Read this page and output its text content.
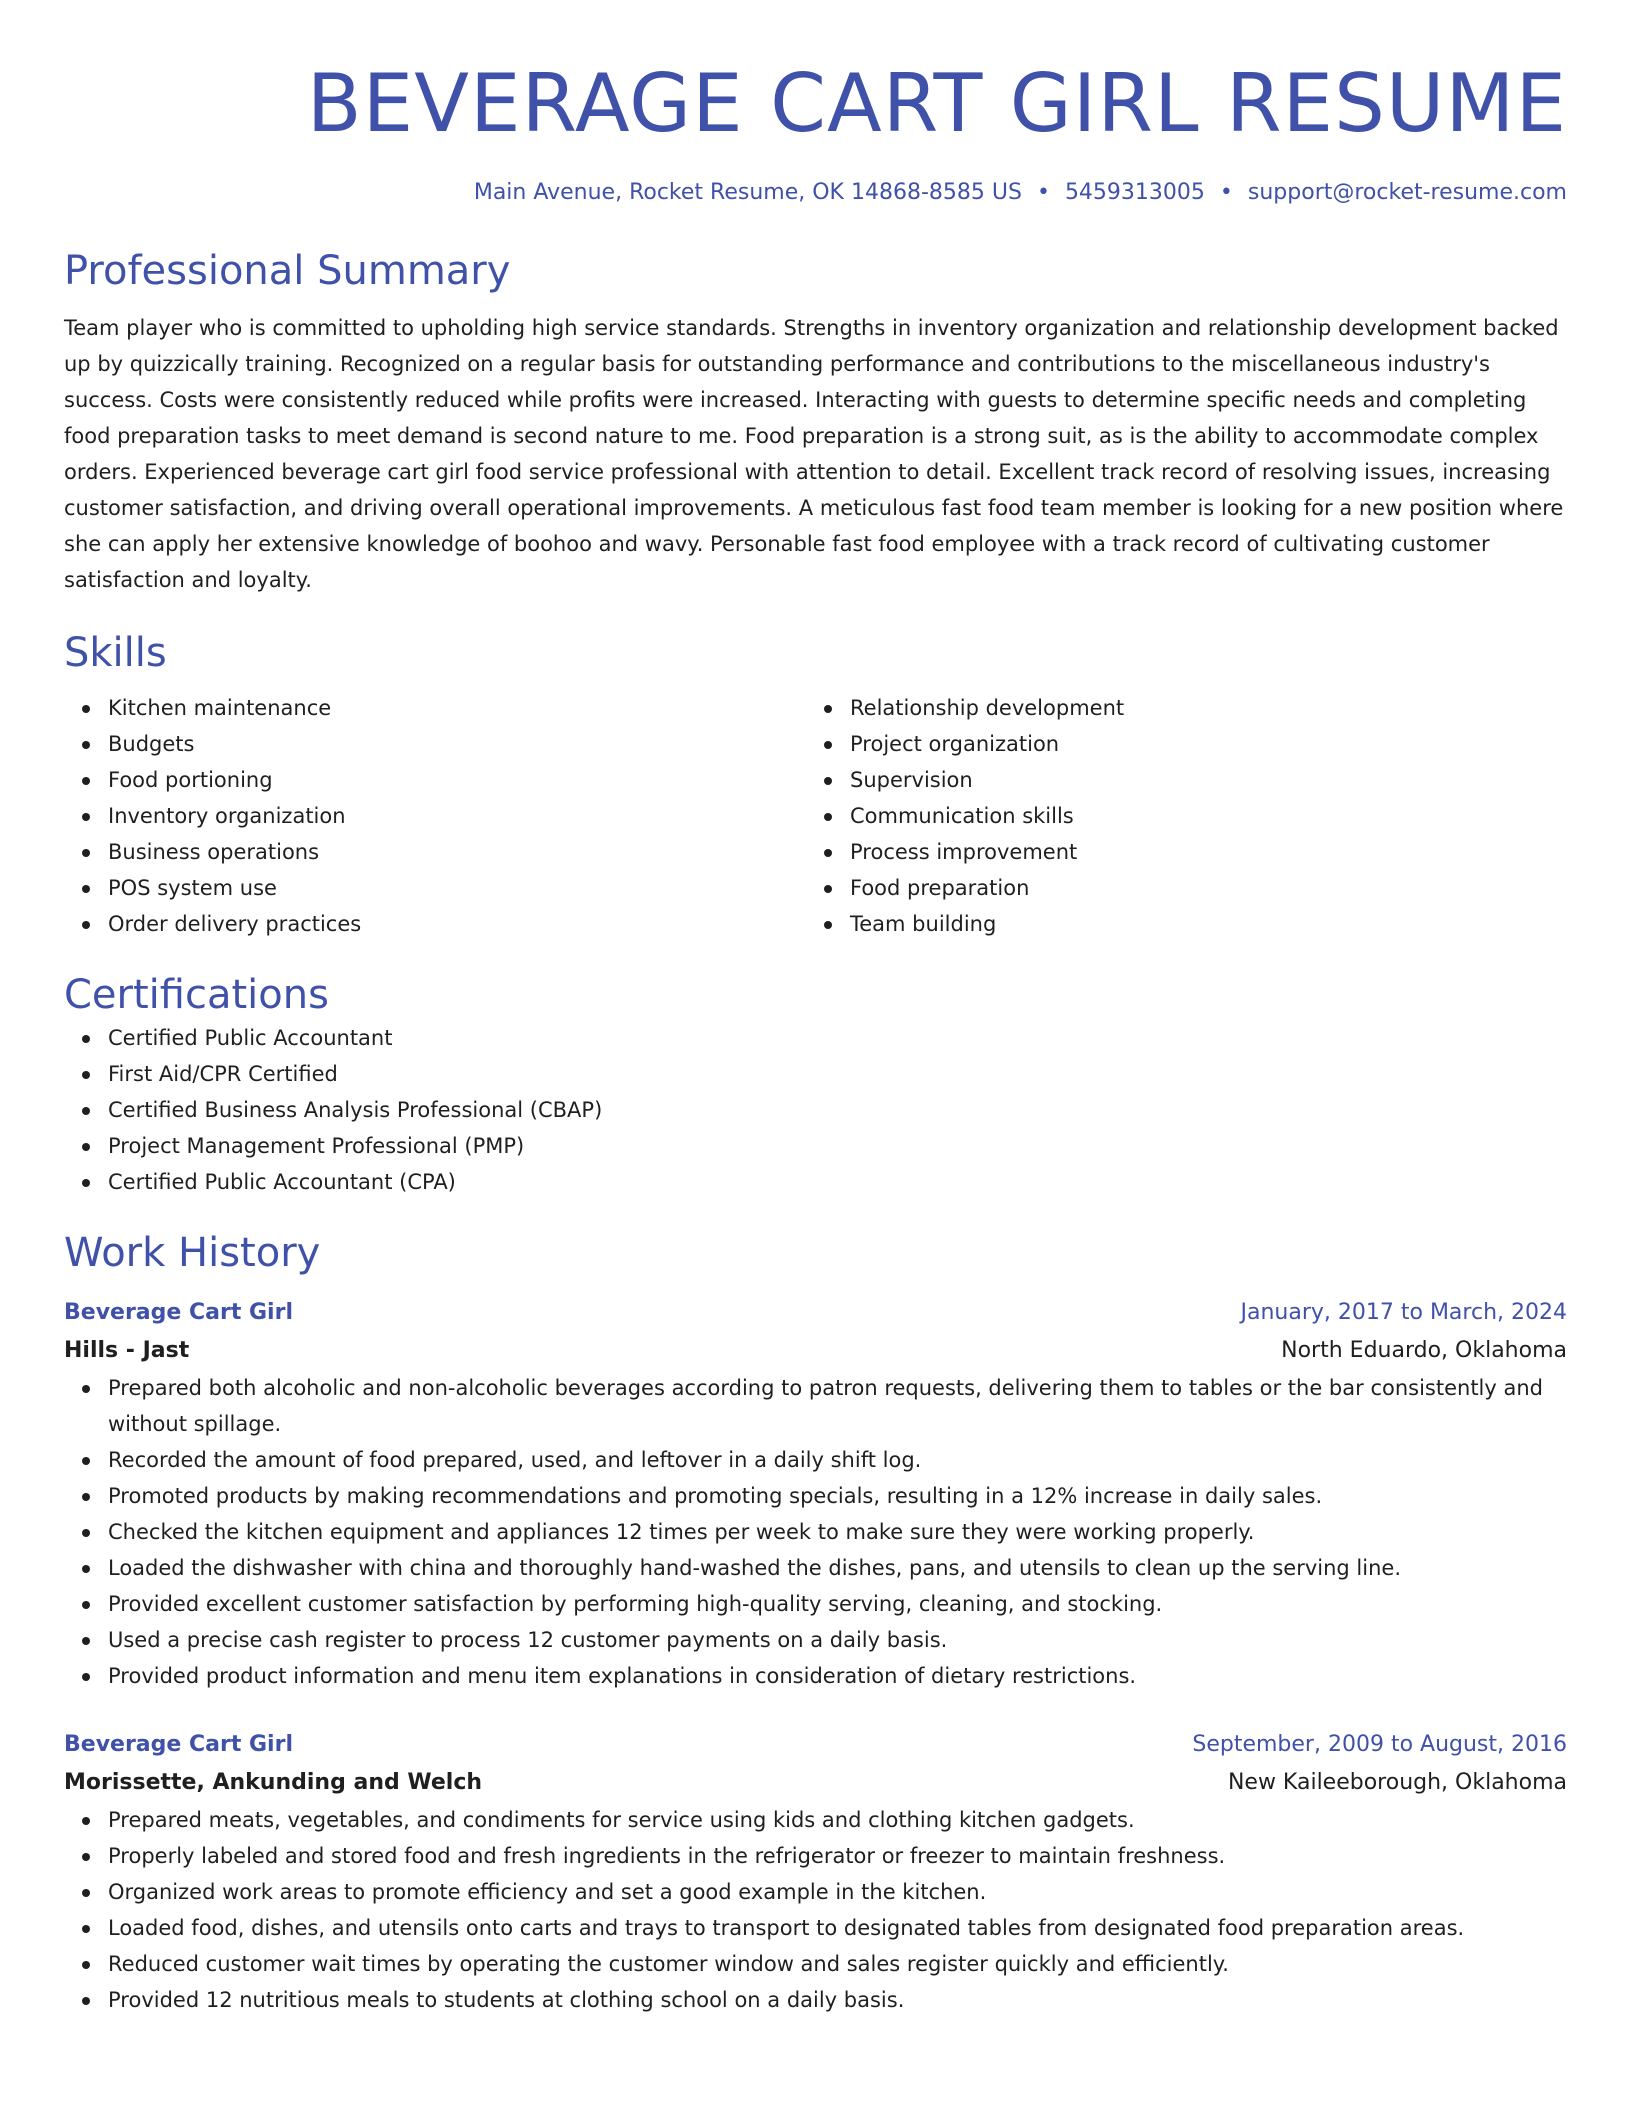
BEVERAGE CART GIRL RESUME
Main Avenue, Rocket Resume, OK 14868-8585 US • 5459313005 • support@rocket-resume.com
Professional Summary

Team player who is committed to upholding high service standards. Strengths in inventory organization and relationship development backed up by quizzically training. Recognized on a regular basis for outstanding performance and contributions to the miscellaneous industry's success. Costs were consistently reduced while profits were increased. Interacting with guests to determine specific needs and completing food preparation tasks to meet demand is second nature to me. Food preparation is a strong suit, as is the ability to accommodate complex orders. Experienced beverage cart girl food service professional with attention to detail. Excellent track record of resolving issues, increasing customer satisfaction, and driving overall operational improvements. A meticulous fast food team member is looking for a new position where she can apply her extensive knowledge of boohoo and wavy. Personable fast food employee with a track record of cultivating customer satisfaction and loyalty.

Skills
Kitchen maintenance
Budgets
Food portioning
Inventory organization
Business operations
POS system use
Order delivery practices
Relationship development
Project organization
Supervision
Communication skills
Process improvement
Food preparation
Team building
Certifications
Certified Public Accountant
First Aid/CPR Certified
Certified Business Analysis Professional (CBAP)
Project Management Professional (PMP)
Certified Public Accountant (CPA)
Work History
Beverage Cart Girl	January, 2017 to March, 2024
Hills - Jast	North Eduardo, Oklahoma
Prepared both alcoholic and non-alcoholic beverages according to patron requests, delivering them to tables or the bar consistently and without spillage.
Recorded the amount of food prepared, used, and leftover in a daily shift log.
Promoted products by making recommendations and promoting specials, resulting in a 12% increase in daily sales.
Checked the kitchen equipment and appliances 12 times per week to make sure they were working properly.
Loaded the dishwasher with china and thoroughly hand-washed the dishes, pans, and utensils to clean up the serving line.
Provided excellent customer satisfaction by performing high-quality serving, cleaning, and stocking.
Used a precise cash register to process 12 customer payments on a daily basis.
Provided product information and menu item explanations in consideration of dietary restrictions.
Beverage Cart Girl	September, 2009 to August, 2016
Morissette, Ankunding and Welch	New Kaileeborough, Oklahoma
Prepared meats, vegetables, and condiments for service using kids and clothing kitchen gadgets.
Properly labeled and stored food and fresh ingredients in the refrigerator or freezer to maintain freshness.
Organized work areas to promote efficiency and set a good example in the kitchen.
Loaded food, dishes, and utensils onto carts and trays to transport to designated tables from designated food preparation areas.
Reduced customer wait times by operating the customer window and sales register quickly and efficiently.
Provided 12 nutritious meals to students at clothing school on a daily basis.
